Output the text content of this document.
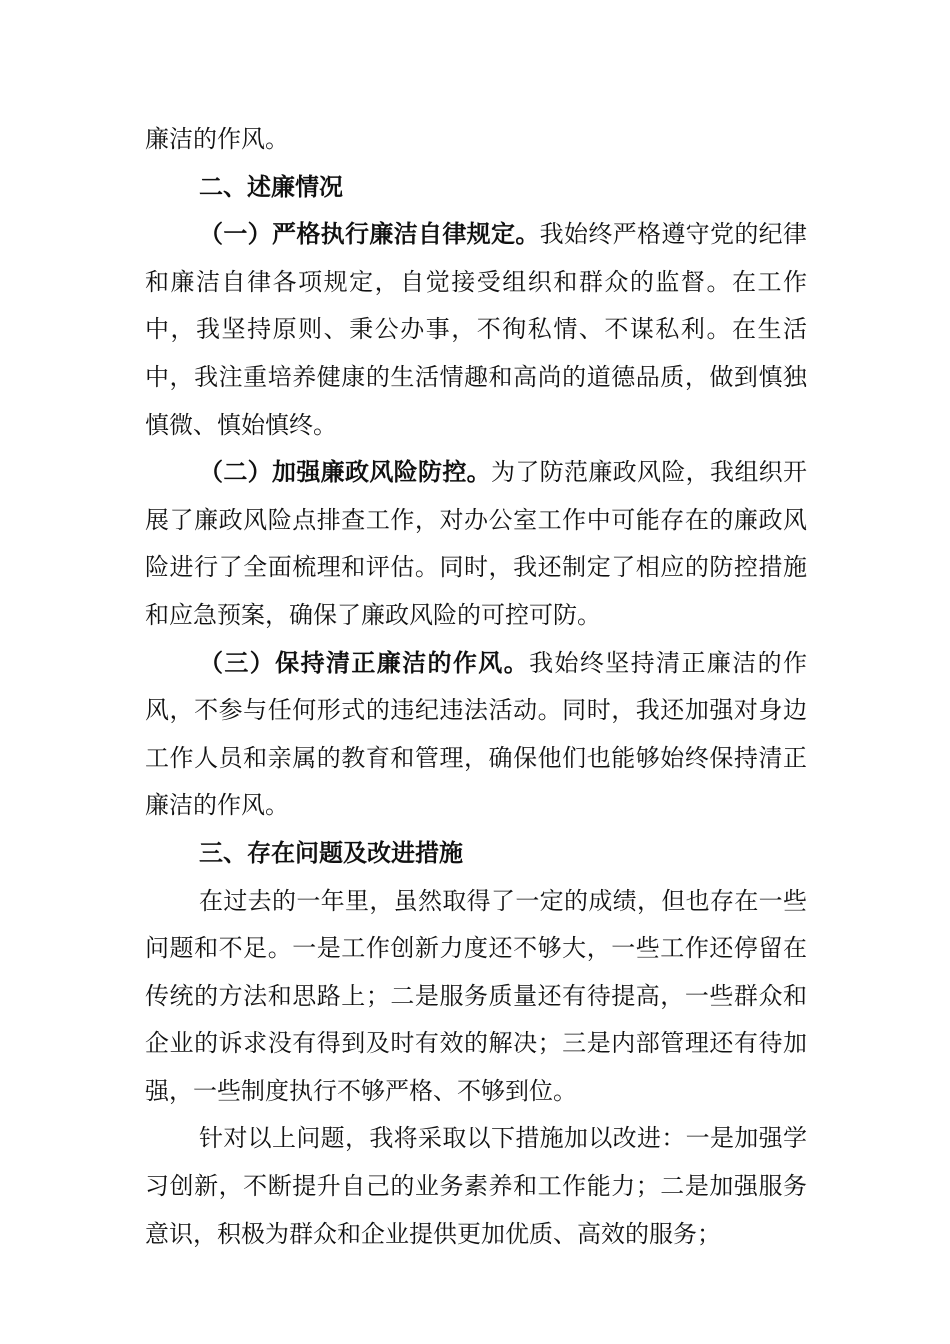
廉洁的作风。

二、述廉情况

（一）严格执行廉洁自律规定。我始终严格遵守党的纪律和廉洁自律各项规定，自觉接受组织和群众的监督。在工作中，我坚持原则、秉公办事，不徇私情、不谋私利。在生活中，我注重培养健康的生活情趣和高尚的道德品质，做到慎独慎微、慎始慎终。

（二）加强廉政风险防控。为了防范廉政风险，我组织开展了廉政风险点排查工作，对办公室工作中可能存在的廉政风险进行了全面梳理和评估。同时，我还制定了相应的防控措施和应急预案，确保了廉政风险的可控可防。

（三）保持清正廉洁的作风。我始终坚持清正廉洁的作风，不参与任何形式的违纪违法活动。同时，我还加强对身边工作人员和亲属的教育和管理，确保他们也能够始终保持清正廉洁的作风。

三、存在问题及改进措施

在过去的一年里，虽然取得了一定的成绩，但也存在一些问题和不足。一是工作创新力度还不够大，一些工作还停留在传统的方法和思路上；二是服务质量还有待提高，一些群众和企业的诉求没有得到及时有效的解决；三是内部管理还有待加强，一些制度执行不够严格、不够到位。

针对以上问题，我将采取以下措施加以改进：一是加强学习创新，不断提升自己的业务素养和工作能力；二是加强服务意识，积极为群众和企业提供更加优质、高效的服务；
